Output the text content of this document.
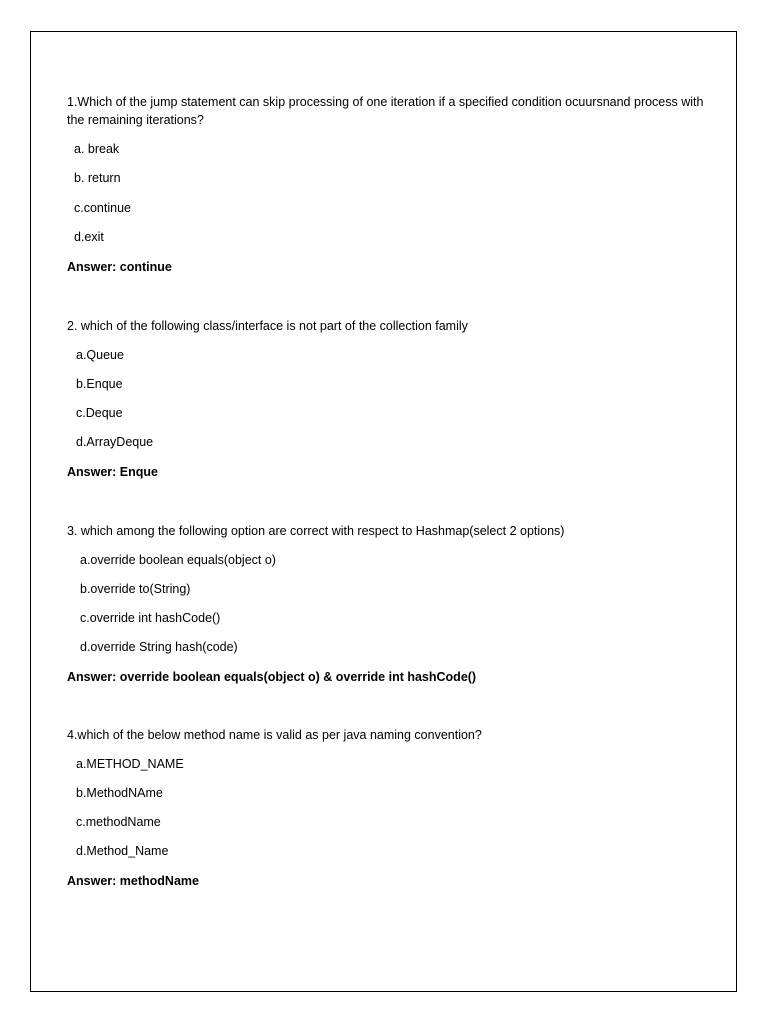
1.Which of the jump statement can skip processing of one iteration if a specified condition ocuursnand process with the remaining iterations?
a. break
b. return
c.continue
d.exit
Answer: continue
2. which of the following class/interface is not part of the collection family
a.Queue
b.Enque
c.Deque
d.ArrayDeque
Answer: Enque
3. which among the following option are correct with respect to Hashmap(select 2 options)
a.override boolean equals(object o)
b.override to(String)
c.override int hashCode()
d.override String hash(code)
Answer: override boolean equals(object o) & override int hashCode()
4.which of the below method name is valid as per java naming convention?
a.METHOD_NAME
b.MethodNAme
c.methodName
d.Method_Name
Answer: methodName
